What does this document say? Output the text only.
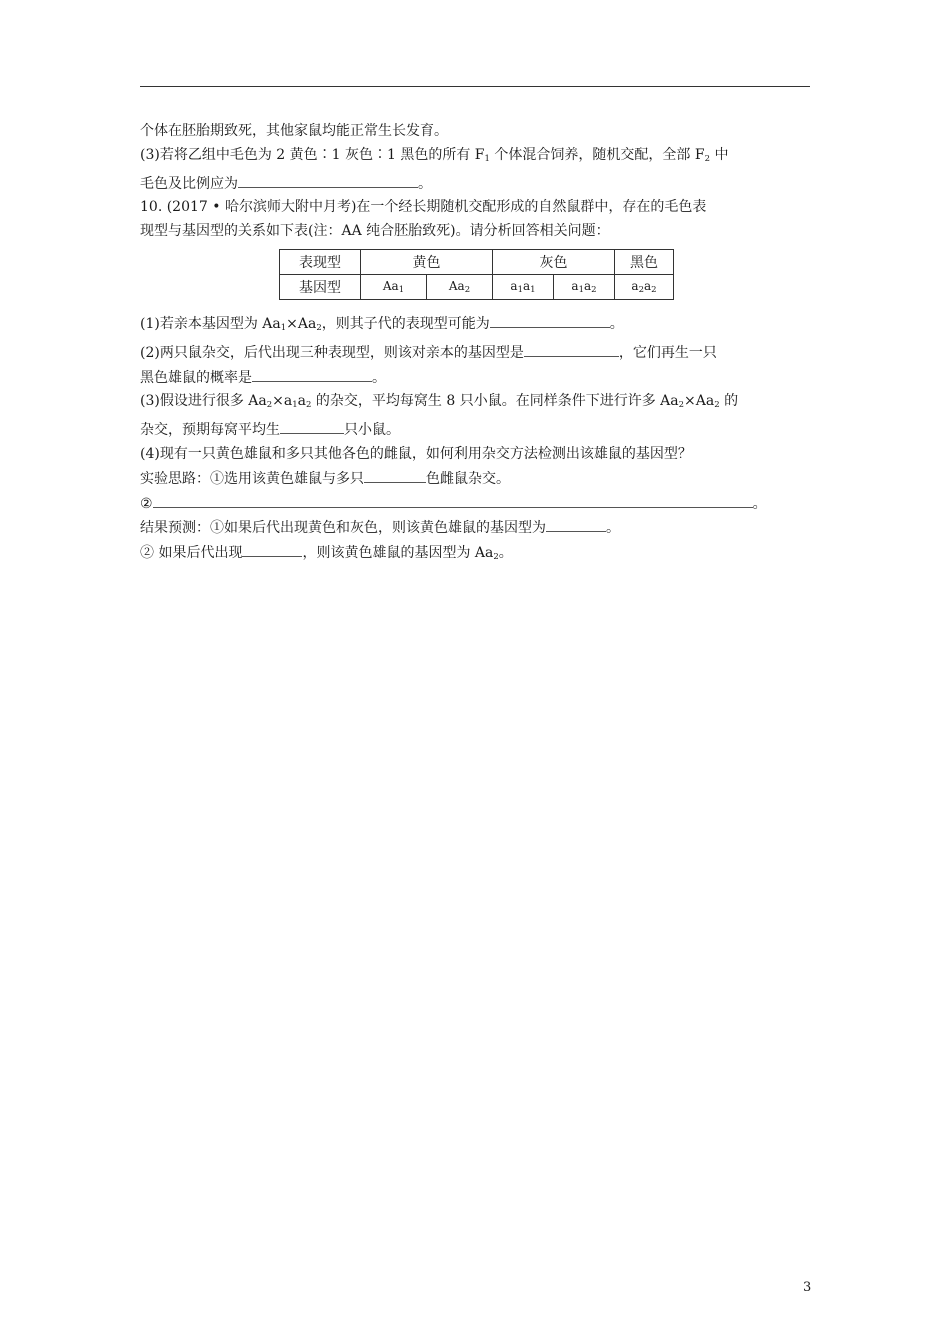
个体在胚胎期致死，其他家鼠均能正常生长发育。

(3)若将乙组中毛色为 2 黄色∶1 灰色∶1 黑色的所有 $F_1$ 个体混合饲养，随机交配，全部 $F_2$ 中

毛色及比例应为	。

10. (2017 • 哈尔滨师大附中月考)在一个经长期随机交配形成的自然鼠群中，存在的毛色表

现型与基因型的关系如下表(注：AA 纯合胚胎致死)。请分析回答相关问题：

(1)若亲本基因型为 $Aa_1\times Aa_2$，则其子代的表现型可能为	。

(2)两只鼠杂交，后代出现三种表现型，则该对亲本的基因型是	，它们再生一只

黑色雄鼠的概率是	。

(3)假设进行很多 $Aa_2\times a_1a_2$ 的杂交，平均每窝生 8 只小鼠。在同样条件下进行许多 $Aa_2\times Aa_2$ 的

杂交，预期每窝平均生	只小鼠。

(4)现有一只黄色雄鼠和多只其他各色的雌鼠，如何利用杂交方法检测出该雄鼠的基因型？

实验思路：①选用该黄色雄鼠与多只	色雌鼠杂交。

②	。

结果预测：①如果后代出现黄色和灰色，则该黄色雄鼠的基因型为	。

② 如果后代出现	，则该黄色雄鼠的基因型为 $Aa_2$。

表现型	黄色		灰色		黑色
基因型	$Aa_1$	$Aa_2$	$a_1a_1$	$a_1a_2$	$a_2a_2$
3
